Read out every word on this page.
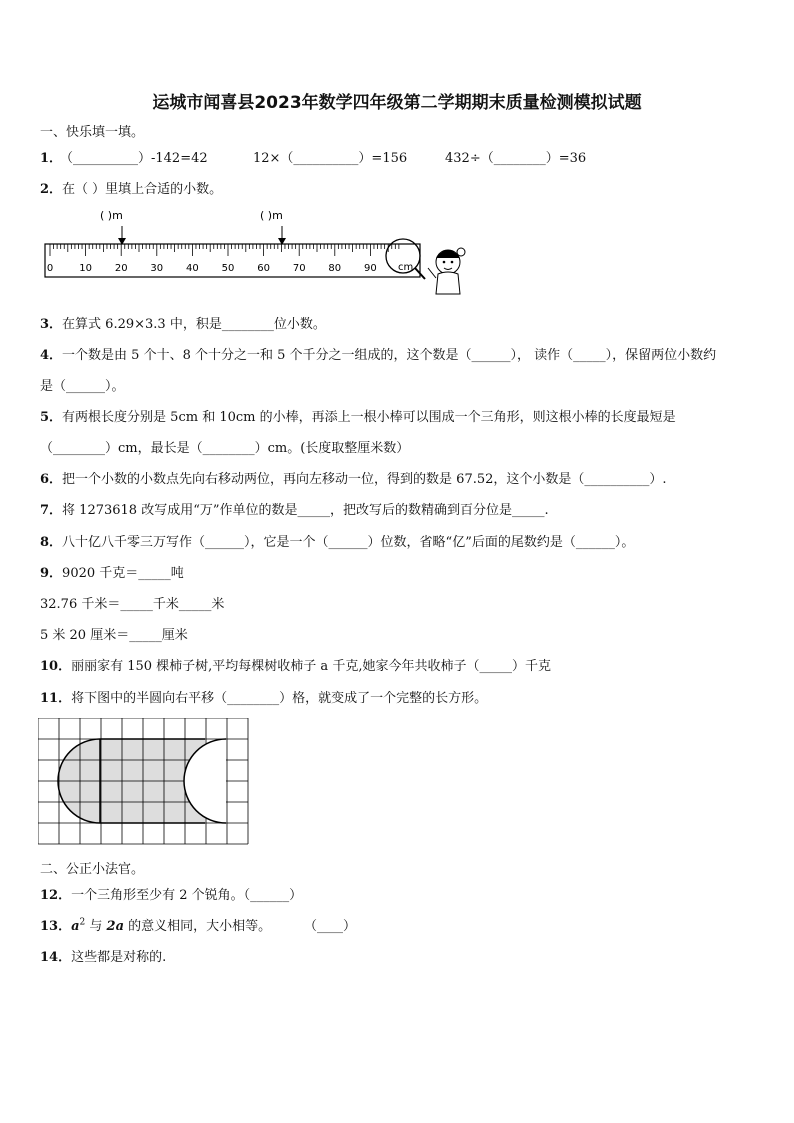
运城市闻喜县2023年数学四年级第二学期期末质量检测模拟试题
一、快乐填一填。
1．
（__________）-142=42	12×（__________）=156	432÷（________）=36
2．在（ ）里填上合适的小数。
( )m	( )m
0	10 20 30 40 50 60 70 80 90 cm
3．在算式 6.29×3.3 中，积是________位小数。
4．一个数是由 5 个十、8 个十分之一和 5 个千分之一组成的，这个数是（______）， 读作（_____），保留两位小数约
是（______）。
5．有两根长度分别是 5cm 和 10cm 的小棒，再添上一根小棒可以围成一个三角形，则这根小棒的长度最短是
（________）cm，最长是（________）cm。(长度取整厘米数）
6．把一个小数的小数点先向右移动两位，再向左移动一位，得到的数是 67.52，这个小数是（__________）.
7．将 1273618 改写成用“万”作单位的数是_____，把改写后的数精确到百分位是_____.
8．八十亿八千零三万写作（______），它是一个（______）位数，省略“亿”后面的尾数约是（______）。
9．9020 千克＝_____吨
32.76 千米＝_____千米_____米
5 米 20 厘米＝_____厘米
10．丽丽家有 150 棵柿子树,平均每棵树收柿子 a 千克,她家今年共收柿子（_____）千克
11．将下图中的半圆向右平移（________）格，就变成了一个完整的长方形。
二、公正小法官。
12．一个三角形至少有 2 个锐角。（______）
13．$a^2$ 与 2a 的意义相同，大小相等。	（____）
14．这些都是对称的.
